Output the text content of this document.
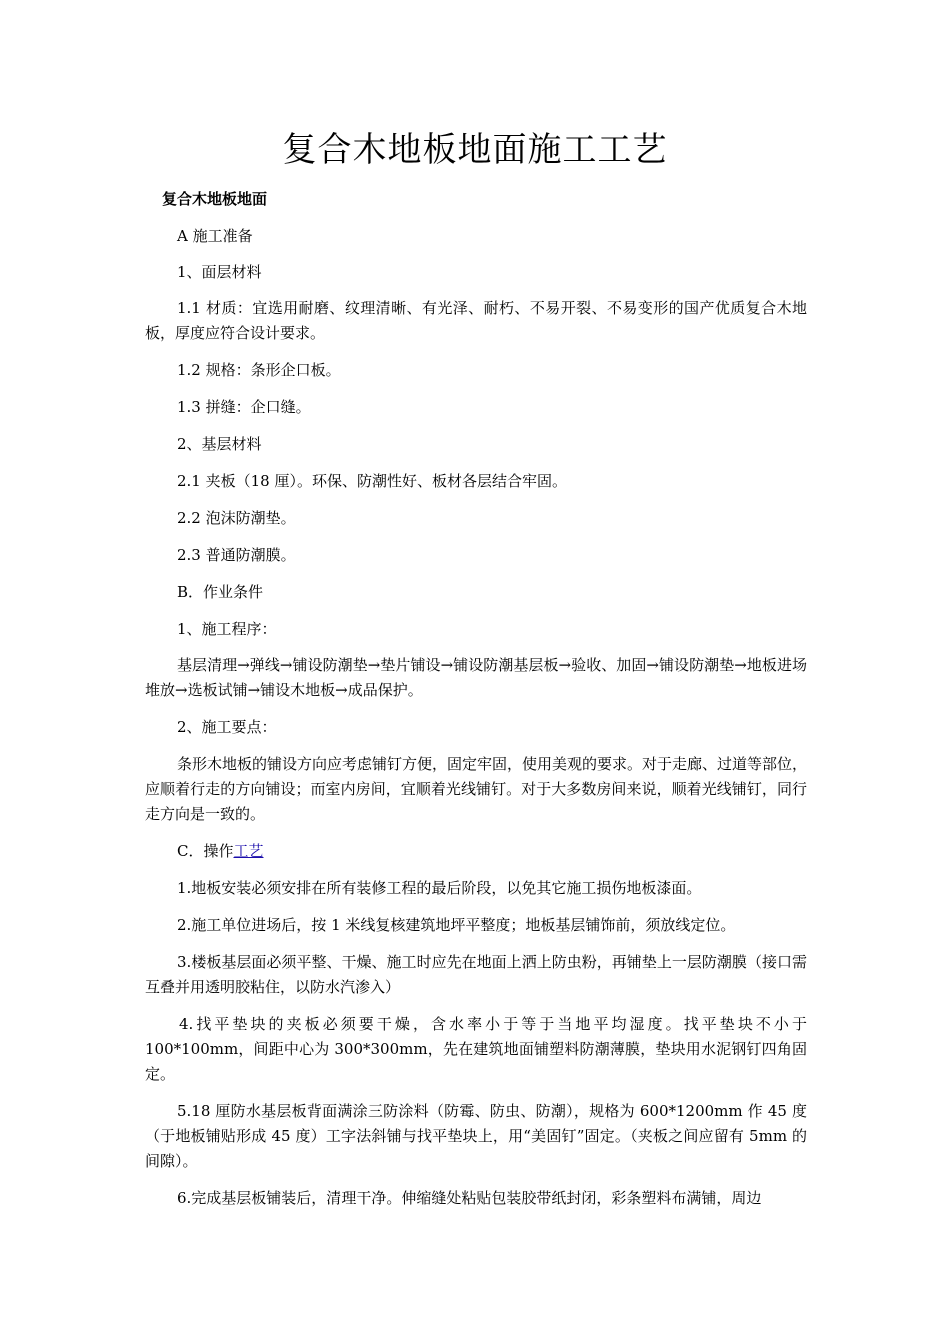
复合木地板地面施工工艺
复合木地板地面

A 施工准备

1、面层材料

1.1 材质：宜选用耐磨、纹理清晰、有光泽、耐朽、不易开裂、不易变形的国产优质复合木地板，厚度应符合设计要求。

1.2 规格：条形企口板。

1.3 拼缝：企口缝。

2、基层材料

2.1 夹板（18 厘）。环保、防潮性好、板材各层结合牢固。

2.2 泡沫防潮垫。

2.3 普通防潮膜。

B．作业条件

1、施工程序：

基层清理→弹线→铺设防潮垫→垫片铺设→铺设防潮基层板→验收、加固→铺设防潮垫→地板进场堆放→选板试铺→铺设木地板→成品保护。

2、施工要点：

条形木地板的铺设方向应考虑铺钉方便，固定牢固，使用美观的要求。对于走廊、过道等部位，应顺着行走的方向铺设；而室内房间，宜顺着光线铺钉。对于大多数房间来说，顺着光线铺钉，同行走方向是一致的。

C．操作工艺

1.地板安装必须安排在所有装修工程的最后阶段，以免其它施工损伤地板漆面。

2.施工单位进场后，按 1 米线复核建筑地坪平整度；地板基层铺饰前，须放线定位。

3.楼板基层面必须平整、干燥、施工时应先在地面上洒上防虫粉，再铺垫上一层防潮膜（接口需互叠并用透明胶粘住，以防水汽渗入）

4.找平垫块的夹板必须要干燥，含水率小于等于当地平均湿度。找平垫块不小于 100*100mm，间距中心为 300*300mm，先在建筑地面铺塑料防潮薄膜，垫块用水泥钢钉四角固定。

5.18 厘防水基层板背面满涂三防涂料（防霉、防虫、防潮），规格为 600*1200mm 作 45 度（于地板铺贴形成 45 度）工字法斜铺与找平垫块上，用“美固钉”固定。（夹板之间应留有 5mm 的间隙）。

6.完成基层板铺装后，清理干净。伸缩缝处粘贴包装胶带纸封闭，彩条塑料布满铺，周边
